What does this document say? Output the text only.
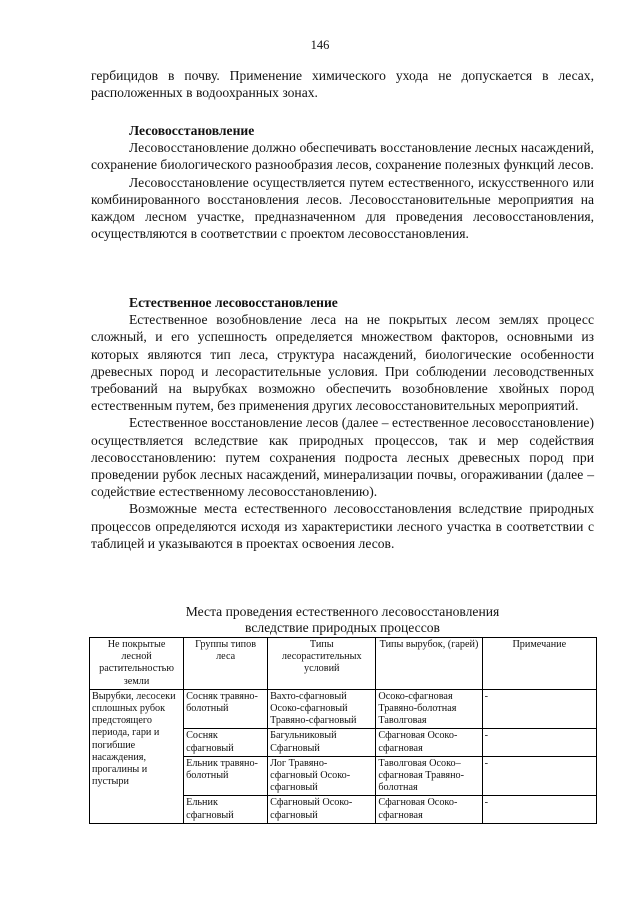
146

гербицидов в почву. Применение химического ухода не допускается в лесах, расположенных в водоохранных зонах.

Лесовосстановление

Лесовосстановление должно обеспечивать восстановление лесных насаждений, сохранение биологического разнообразия лесов, сохранение полезных функций лесов.

Лесовосстановление осуществляется путем естественного, искусственного или комбинированного восстановления лесов. Лесовосстановительные мероприятия на каждом лесном участке, предназначенном для проведения лесовосстановления, осуществляются в соответствии с проектом лесовосстановления.

Естественное лесовосстановление

Естественное возобновление леса на не покрытых лесом землях процесс сложный, и его успешность определяется множеством факторов, основными из которых являются тип леса, структура насаждений, биологические особенности древесных пород и лесорастительные условия. При соблюдении лесоводственных требований на вырубках возможно обеспечить возобновление хвойных пород естественным путем, без применения других лесовосстановительных мероприятий.

Естественное восстановление лесов (далее – естественное лесовосстановление) осуществляется вследствие как природных процессов, так и мер содействия лесовосстановлению: путем сохранения подроста лесных древесных пород при проведении рубок лесных насаждений, минерализации почвы, огораживании (далее – содействие естественному лесовосстановлению).

Возможные места естественного лесовосстановления вследствие природных процессов определяются исходя из характеристики лесного участка в соответствии с таблицей и указываются в проектах освоения лесов.

Места проведения естественного лесовосстановления
вследствие природных процессов
Не покрытые лесной растительностью земли	Группы типов леса	Типы лесорастительных условий	Типы вырубок, (гарей)	Примечание
Вырубки, лесосеки сплошных рубок предстоящего периода, гари и погибшие насаждения, прогалины и пустыри	Сосняк травяно-болотный	Вахто-сфагновый Осоко-сфагновый Травяно-сфагновый	Осоко-сфагновая Травяно-болотная Таволговая	-
	Сосняк сфагновый	Багульниковый Сфагновый	Сфагновая Осоко-сфагновая	-
	Ельник травяно-болотный	Лог Травяно-сфагновый Осоко-сфагновый	Таволговая Осоко–сфагновая Травяно-болотная	-
	Ельник сфагновый	Сфагновый Осоко-сфагновый	Сфагновая Осоко-сфагновая	-
